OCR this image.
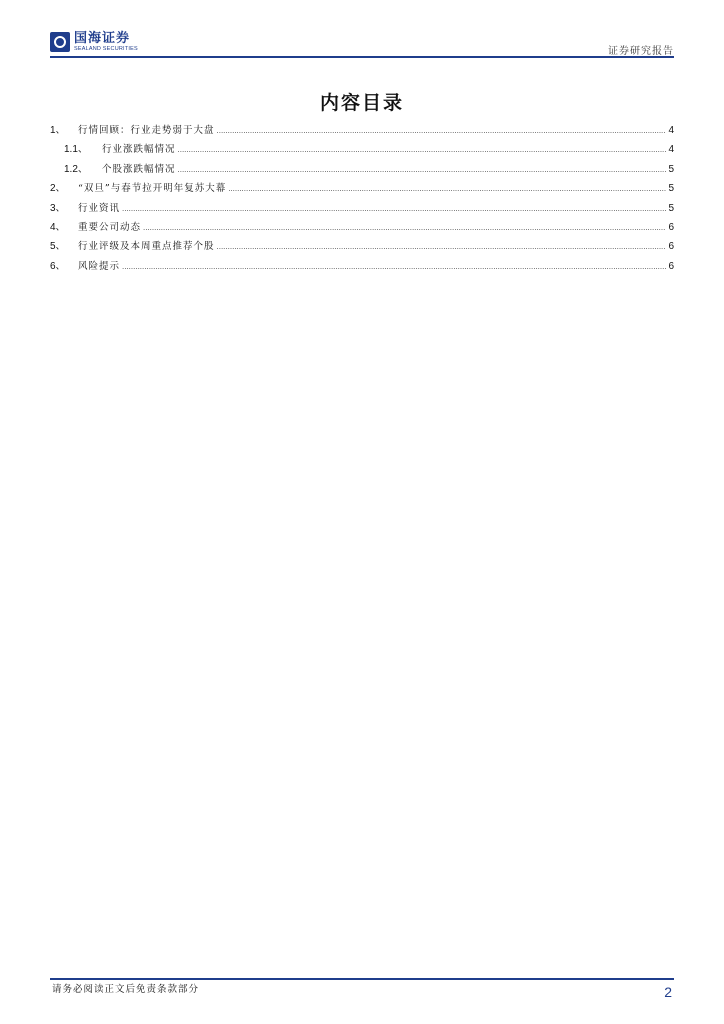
国海证券
SEALAND SECURITIES	证券研究报告
内容目录
1、	行情回顾：行业走势弱于大盘 .....	4
1.1、	行业涨跌幅情况 .....	4
1.2、	个股涨跌幅情况 .....	5
2、	“双旦”与春节拉开明年复苏大幕 .....	5
3、	行业资讯 .....	5
4、	重要公司动态 .....	6
5、	行业评级及本周重点推荐个股 .....	6
6、	风险提示 .....	6
请务必阅读正文后免责条款部分	2
